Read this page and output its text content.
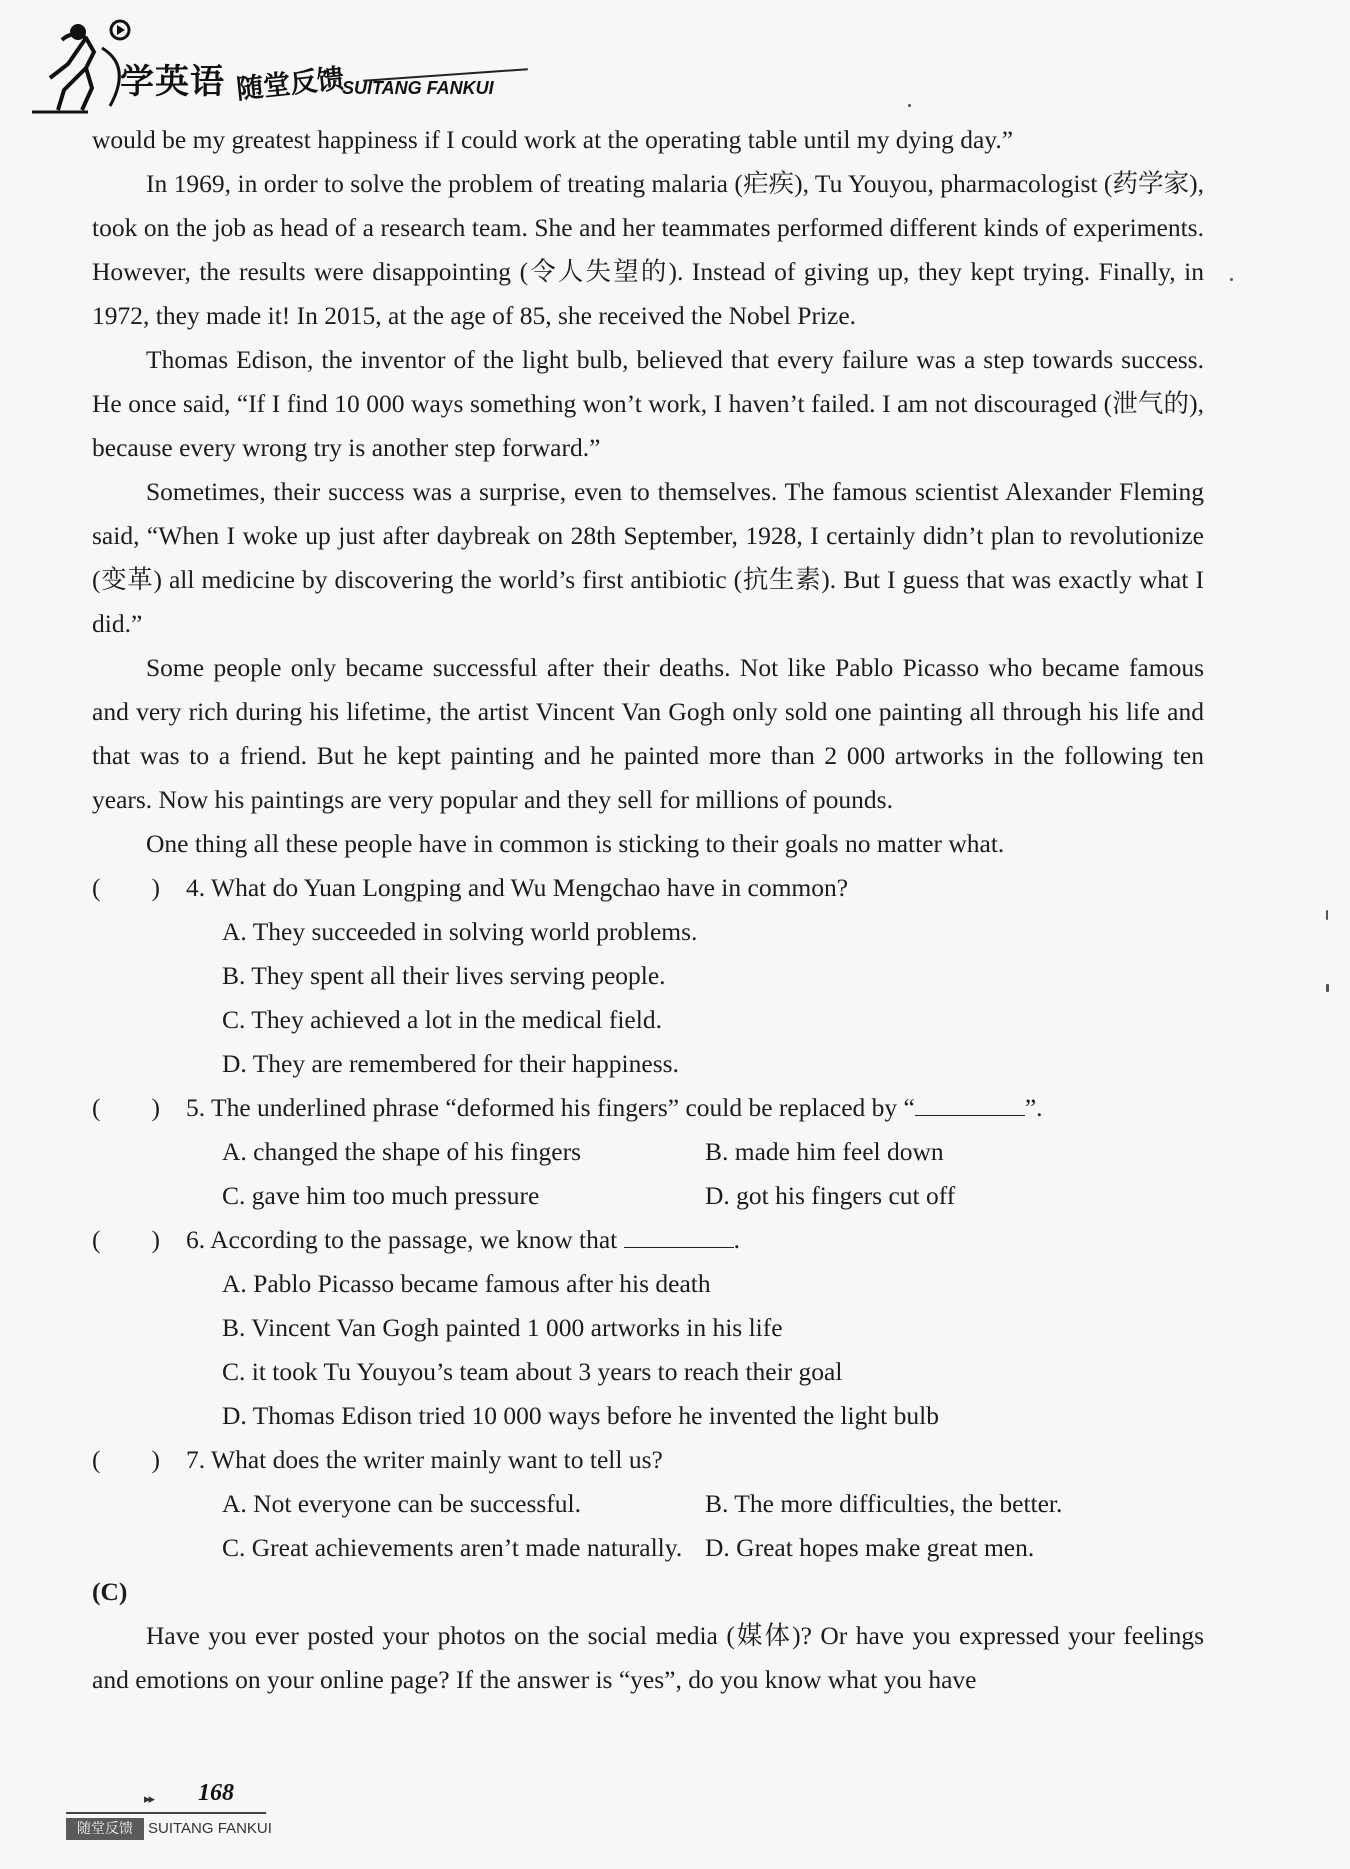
学英语 随堂反馈
SUITANG FANKUI

would be my greatest happiness if I could work at the operating table until my dying day.”

In 1969, in order to solve the problem of treating malaria (疟疾), Tu Youyou, pharmacologist (药学家), took on the job as head of a research team. She and her teammates performed different kinds of experiments. However, the results were disappointing (令人失望的). Instead of giving up, they kept trying. Finally, in 1972, they made it! In 2015, at the age of 85, she received the Nobel Prize.

Thomas Edison, the inventor of the light bulb, believed that every failure was a step towards success. He once said, “If I find 10 000 ways something won’t work, I haven’t failed. I am not discouraged (泄气的), because every wrong try is another step forward.”

Sometimes, their success was a surprise, even to themselves. The famous scientist Alexander Fleming said, “When I woke up just after daybreak on 28th September, 1928, I certainly didn’t plan to revolutionize (变革) all medicine by discovering the world’s first antibiotic (抗生素). But I guess that was exactly what I did.”

Some people only became successful after their deaths. Not like Pablo Picasso who became famous and very rich during his lifetime, the artist Vincent Van Gogh only sold one painting all through his life and that was to a friend. But he kept painting and he painted more than 2 000 artworks in the following ten years. Now his paintings are very popular and they sell for millions of pounds.

One thing all these people have in common is sticking to their goals no matter what.

(　　) 4. What do Yuan Longping and Wu Mengchao have in common?

A. They succeeded in solving world problems.

B. They spent all their lives serving people.

C. They achieved a lot in the medical field.

D. They are remembered for their happiness.

(　　) 5. The underlined phrase “deformed his fingers” could be replaced by “	”.

A. changed the shape of his fingers	B. made him feel down

C. gave him too much pressure	D. got his fingers cut off

(　　) 6. According to the passage, we know that	.

A. Pablo Picasso became famous after his death

B. Vincent Van Gogh painted 1 000 artworks in his life

C. it took Tu Youyou’s team about 3 years to reach their goal

D. Thomas Edison tried 10 000 ways before he invented the light bulb

(　　) 7. What does the writer mainly want to tell us?

A. Not everyone can be successful.	B. The more difficulties, the better.

C. Great achievements aren’t made naturally. D. Great hopes make great men.

(C)

Have you ever posted your photos on the social media (媒体)? Or have you expressed your feelings and emotions on your online page? If the answer is “yes”, do you know what you have

▸▸ 168
随堂反馈	SUITANG FANKUI
